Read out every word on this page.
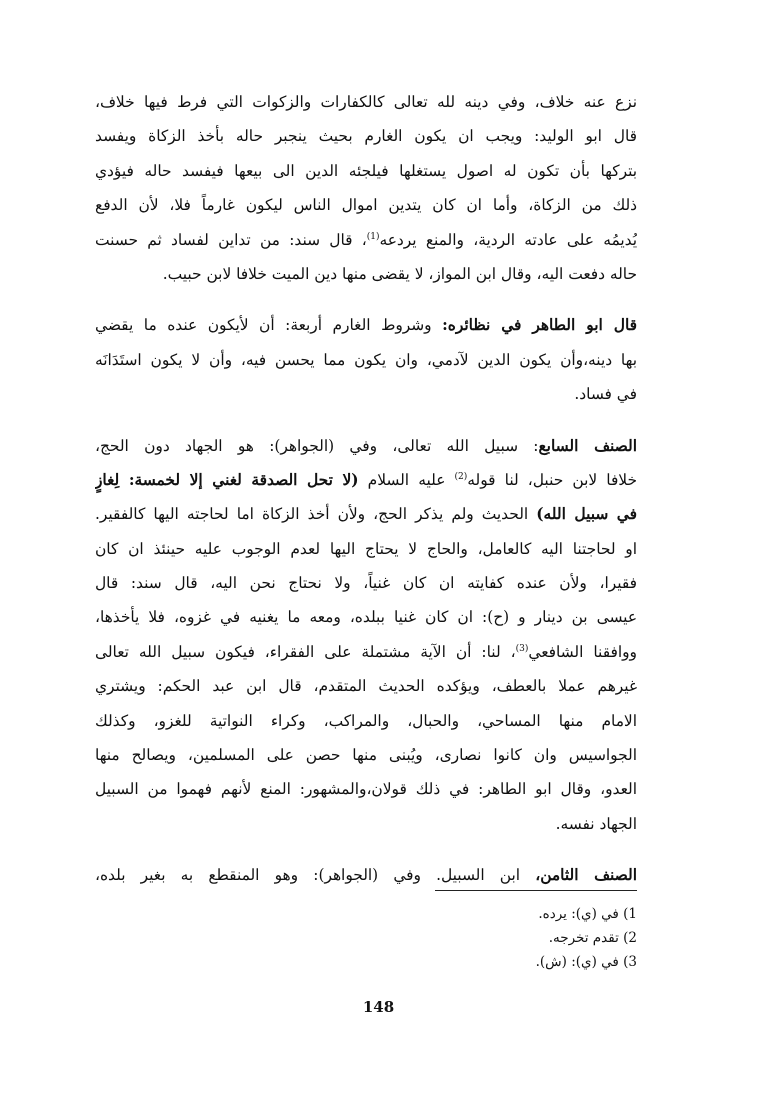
نزع عنه خلاف، وفي دينه لله تعالى كالكفارات والزكوات التي فرط فيها خلاف،
قال ابو الوليد: ويجب ان يكون الغارم بحيث ينجبر حاله بأخذ الزكاة ويفسد
بتركها بأن تكون له اصول يستغلها فيلجئه الدين الى بيعها فيفسد حاله فيؤدي
ذلك من الزكاة، وأما ان كان يتدين اموال الناس ليكون غارماً فلا، لأن الدفع
يُديمُه على عادته الردية، والمنع يردعه$^{(1)}$، قال سند: من تداين لفساد ثم حسنت
حاله دفعت اليه، وقال ابن المواز، لا يقضى منها دين الميت خلافا لابن حبيب.
قال ابو الطاهر في نظائره: وشروط الغارم أربعة: أن لأيكون عنده ما يقضي
بها دينه،وأن يكون الدين لآدمي، وان يكون مما يحسن فيه، وأن لا يكون استَدَانَه
في فساد.
الصنف السابع: سبيل الله تعالى، وفي (الجواهر): هو الجهاد دون الحج،
خلافا لابن حنبل، لنا قوله$^{(2)}$ عليه السلام (لا تحل الصدقة لغني إلا لخمسة: لِغازٍ
في سبيل الله) الحديث ولم يذكر الحج، ولأن أخذ الزكاة اما لحاجته اليها كالفقير.
او لحاجتنا اليه كالعامل، والحاج لا يحتاج اليها لعدم الوجوب عليه حينئذ ان كان
فقيرا، ولأن عنده كفايته ان كان غنياً، ولا نحتاج نحن اليه، قال سند: قال
عيسى بن دينار و (ح): ان كان غنيا ببلده، ومعه ما يغنيه في غزوه، فلا يأخذها،
ووافقنا الشافعي$^{(3)}$، لنا: أن الآية مشتملة على الفقراء، فيكون سبيل الله تعالى
غيرهم عملا بالعطف، ويؤكده الحديث المتقدم، قال ابن عبد الحكم: ويشتري
الامام منها المساحي، والحبال، والمراكب، وكراء النواتية للغزو، وكذلك
الجواسيس وان كانوا نصارى، ويُبنى منها حصن على المسلمين، ويصالح منها
العدو، وقال ابو الطاهر: في ذلك قولان،والمشهور: المنع لأنهم فهموا من السبيل
الجهاد نفسه.
الصنف الثامن، ابن السبيل. وفي (الجواهر): وهو المنقطع به بغير بلده،
1) في (ي): يرده.
2) تقدم تخرجه.
3) في (ي): (ش).
148
